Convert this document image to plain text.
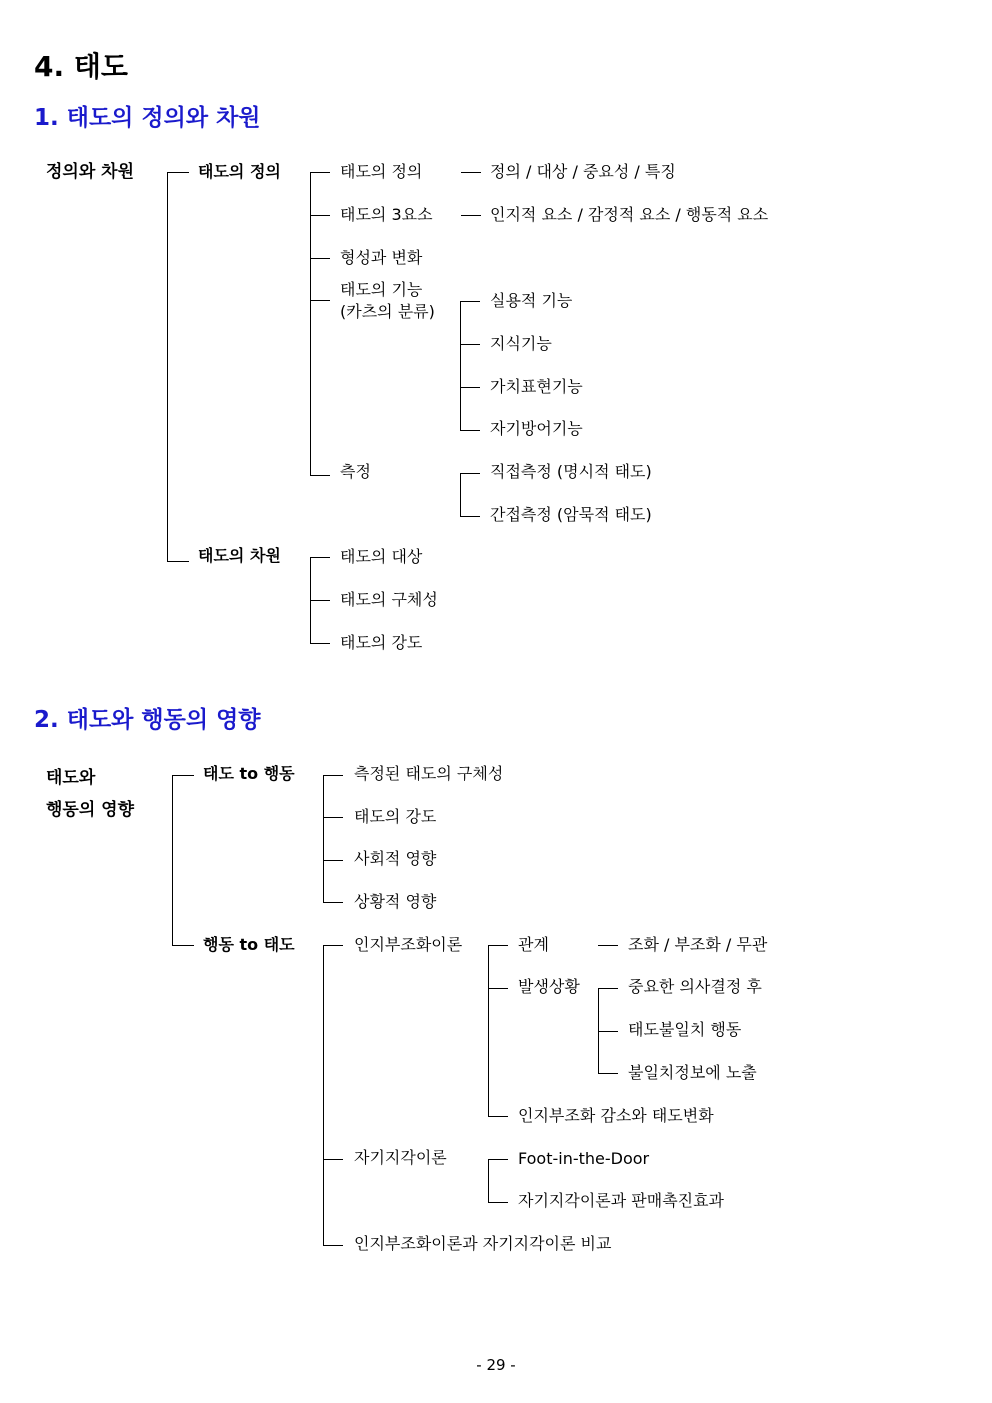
4. 태도
1. 태도의 정의와 차원
정의와 차원	태도의 정의
태도의 차원
태도의 정의	정의 / 대상 / 중요성 / 특징
태도의 3요소	인지적 요소 / 감정적 요소 / 행동적 요소
형성과 변화
태도의 기능
(카츠의 분류)
실용적 기능
지식기능
가치표현기능
자기방어기능
측정	직접측정 (명시적 태도)
간접측정 (암묵적 태도)
태도의 대상
태도의 구체성
태도의 강도
2. 태도와 행동의 영향
태도와
행동의 영향
태도 to 행동
행동 to 태도
측정된 태도의 구체성
태도의 강도
사회적 영향
상황적 영향
인지부조화이론	관계	조화 / 부조화 / 무관
발생상황	중요한 의사결정 후
태도불일치 행동
불일치정보에 노출
인지부조화 감소와 태도변화
자기지각이론	Foot-in-the-Door
자기지각이론과 판매촉진효과
인지부조화이론과 자기지각이론 비교
- 29 -
